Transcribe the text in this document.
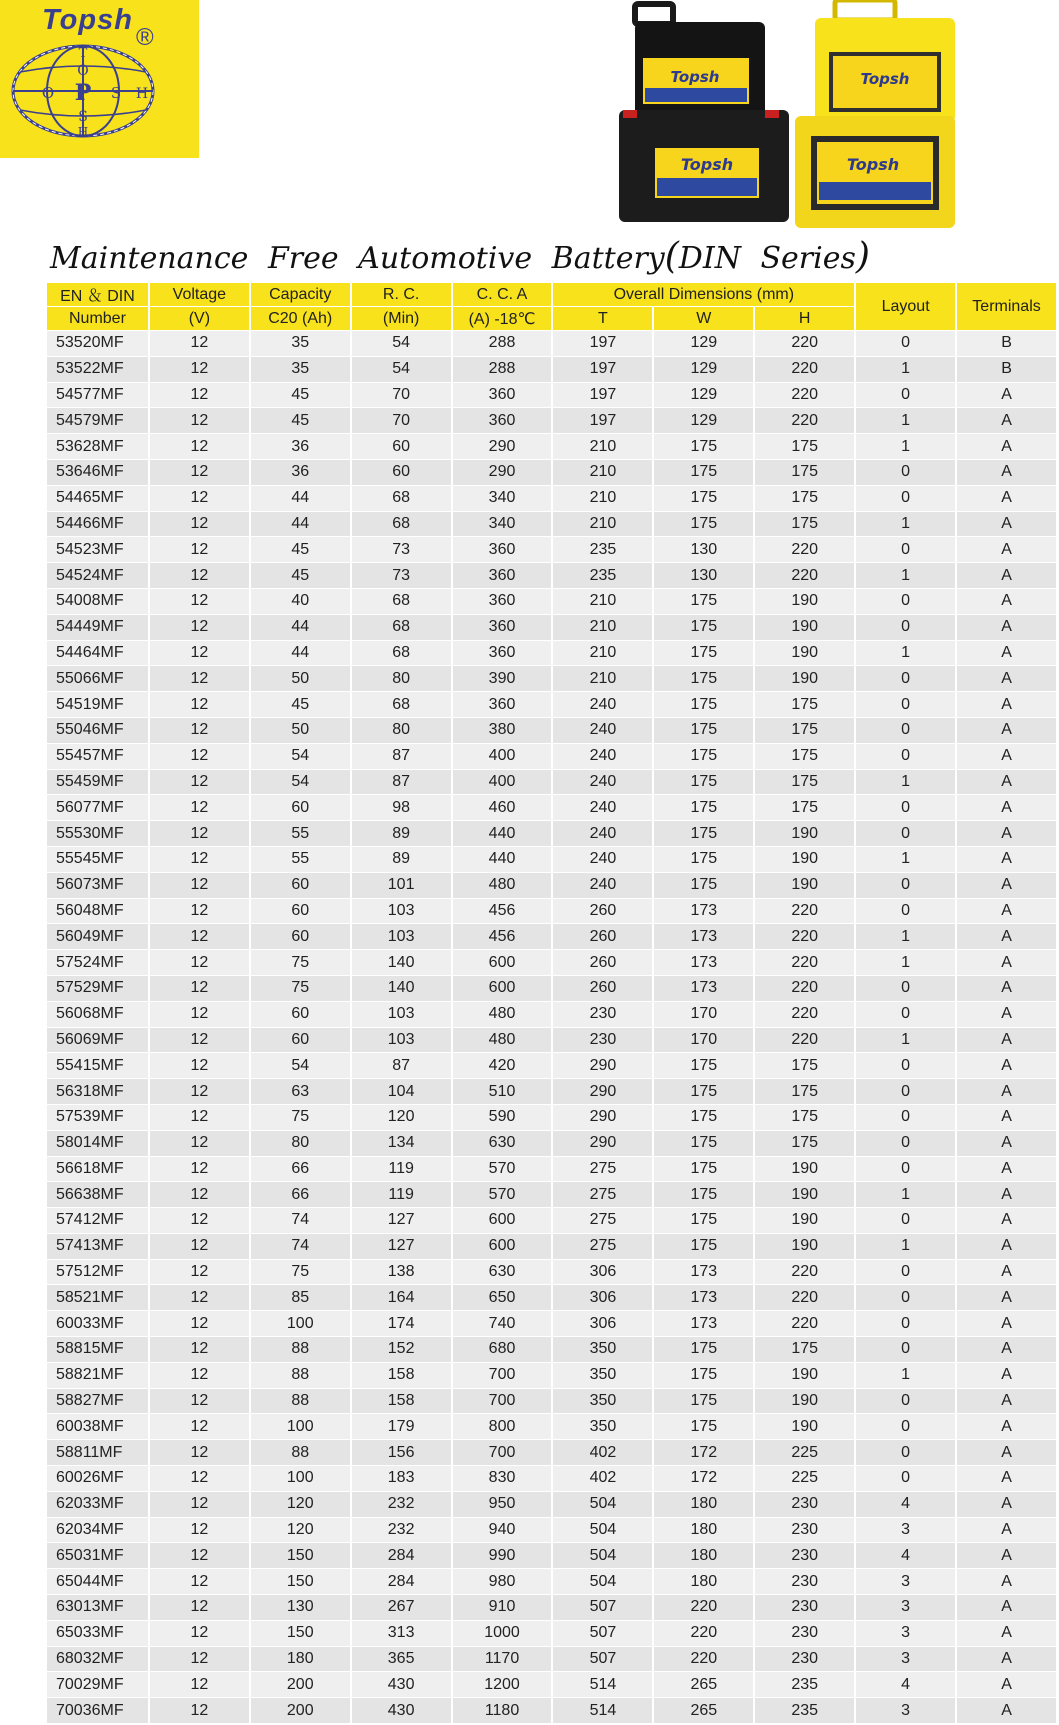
Topsh
®
T
O
O P S H
S
H
Topsh
Topsh
Topsh
Topsh
Maintenance Free Automotive Battery(DIN Series)
EN ＆ DIN	Voltage	Capacity	R. C.	C. C. A	Overall Dimensions (mm)			Layout	Terminals
Number	(V)	C20 (Ah)	(Min)	(A) -18℃	T	W	H		
53520MF	12	35	54	288	197	129	220	0	B
53522MF	12	35	54	288	197	129	220	1	B
54577MF	12	45	70	360	197	129	220	0	A
54579MF	12	45	70	360	197	129	220	1	A
53628MF	12	36	60	290	210	175	175	1	A
53646MF	12	36	60	290	210	175	175	0	A
54465MF	12	44	68	340	210	175	175	0	A
54466MF	12	44	68	340	210	175	175	1	A
54523MF	12	45	73	360	235	130	220	0	A
54524MF	12	45	73	360	235	130	220	1	A
54008MF	12	40	68	360	210	175	190	0	A
54449MF	12	44	68	360	210	175	190	0	A
54464MF	12	44	68	360	210	175	190	1	A
55066MF	12	50	80	390	210	175	190	0	A
54519MF	12	45	68	360	240	175	175	0	A
55046MF	12	50	80	380	240	175	175	0	A
55457MF	12	54	87	400	240	175	175	0	A
55459MF	12	54	87	400	240	175	175	1	A
56077MF	12	60	98	460	240	175	175	0	A
55530MF	12	55	89	440	240	175	190	0	A
55545MF	12	55	89	440	240	175	190	1	A
56073MF	12	60	101	480	240	175	190	0	A
56048MF	12	60	103	456	260	173	220	0	A
56049MF	12	60	103	456	260	173	220	1	A
57524MF	12	75	140	600	260	173	220	1	A
57529MF	12	75	140	600	260	173	220	0	A
56068MF	12	60	103	480	230	170	220	0	A
56069MF	12	60	103	480	230	170	220	1	A
55415MF	12	54	87	420	290	175	175	0	A
56318MF	12	63	104	510	290	175	175	0	A
57539MF	12	75	120	590	290	175	175	0	A
58014MF	12	80	134	630	290	175	175	0	A
56618MF	12	66	119	570	275	175	190	0	A
56638MF	12	66	119	570	275	175	190	1	A
57412MF	12	74	127	600	275	175	190	0	A
57413MF	12	74	127	600	275	175	190	1	A
57512MF	12	75	138	630	306	173	220	0	A
58521MF	12	85	164	650	306	173	220	0	A
60033MF	12	100	174	740	306	173	220	0	A
58815MF	12	88	152	680	350	175	175	0	A
58821MF	12	88	158	700	350	175	190	1	A
58827MF	12	88	158	700	350	175	190	0	A
60038MF	12	100	179	800	350	175	190	0	A
58811MF	12	88	156	700	402	172	225	0	A
60026MF	12	100	183	830	402	172	225	0	A
62033MF	12	120	232	950	504	180	230	4	A
62034MF	12	120	232	940	504	180	230	3	A
65031MF	12	150	284	990	504	180	230	4	A
65044MF	12	150	284	980	504	180	230	3	A
63013MF	12	130	267	910	507	220	230	3	A
65033MF	12	150	313	1000	507	220	230	3	A
68032MF	12	180	365	1170	507	220	230	3	A
70029MF	12	200	430	1200	514	265	235	4	A
70036MF	12	200	430	1180	514	265	235	3	A
